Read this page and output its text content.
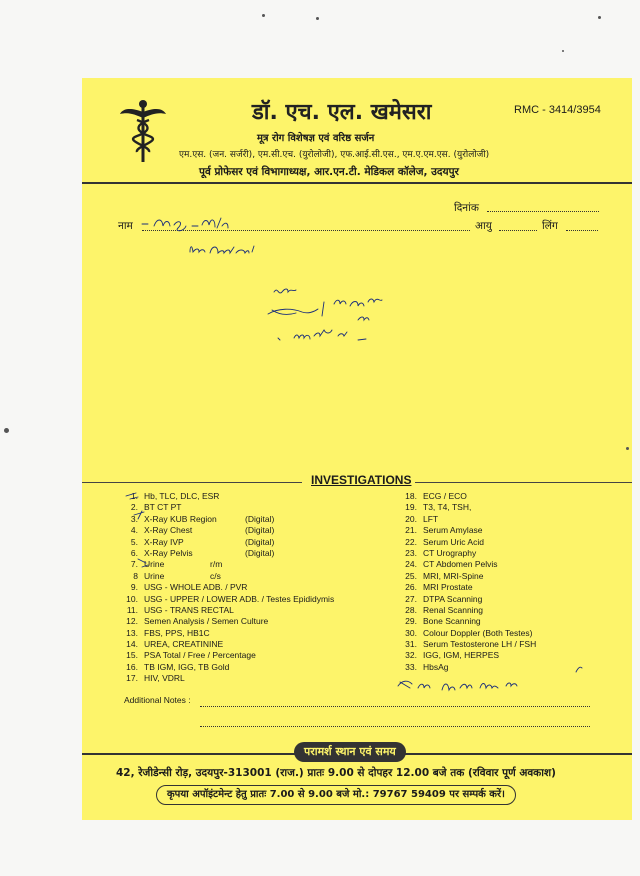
डॉ. एच. एल. खमेसरा	RMC - 3414/3954
मूत्र रोग विशेषज्ञ एवं वरिष्ठ सर्जन
एम.एस. (जन. सर्जरी), एम.सी.एच. (युरोलोजी), एफ.आई.सी.एस., एम.ए.एम.एस. (युरोलोजी)
पूर्व प्रोफेसर एवं विभागाध्यक्ष, आर.एन.टी. मेडिकल कॉलेज, उदयपुर
दिनांक
नाम	आयु	लिंग
INVESTIGATIONS
1. Hb, TLC, DLC, ESR
2. BT CT PT
3. X-Ray KUB Region	(Digital)
4. X-Ray Chest	(Digital)
5. X-Ray IVP	(Digital)
6. X-Ray Pelvis	(Digital)
7. Urine	r/m
8 Urine	c/s
9. USG - WHOLE ADB. / PVR
10. USG - UPPER / LOWER ADB. / Testes Epididymis
11. USG - TRANS RECTAL
12. Semen Analysis / Semen Culture
13. FBS, PPS, HB1C
14. UREA, CREATININE
15. PSA Total / Free / Percentage
16. TB IGM, IGG, TB Gold
17. HIV, VDRL
18. ECG / ECO
19. T3, T4, TSH,
20. LFT
21. Serum Amylase
22. Serum Uric Acid
23. CT Urography
24. CT Abdomen Pelvis
25. MRI, MRI-Spine
26. MRI Prostate
27. DTPA Scanning
28. Renal Scanning
29. Bone Scanning
30. Colour Doppler (Both Testes)
31. Serum Testosterone LH / FSH
32. IGG, IGM, HERPES
33. HbsAg
Additional Notes :
परामर्श स्थान एवं समय
42, रेजीडेन्सी रोड़, उदयपुर-313001 (राज.) प्रातः 9.00 से दोपहर 12.00 बजे तक (रविवार पूर्ण अवकाश)
कृपया अपॉइंटमेन्ट हेतु प्रातः 7.00 से 9.00 बजे मो.: 79767 59409 पर सम्पर्क करें।
